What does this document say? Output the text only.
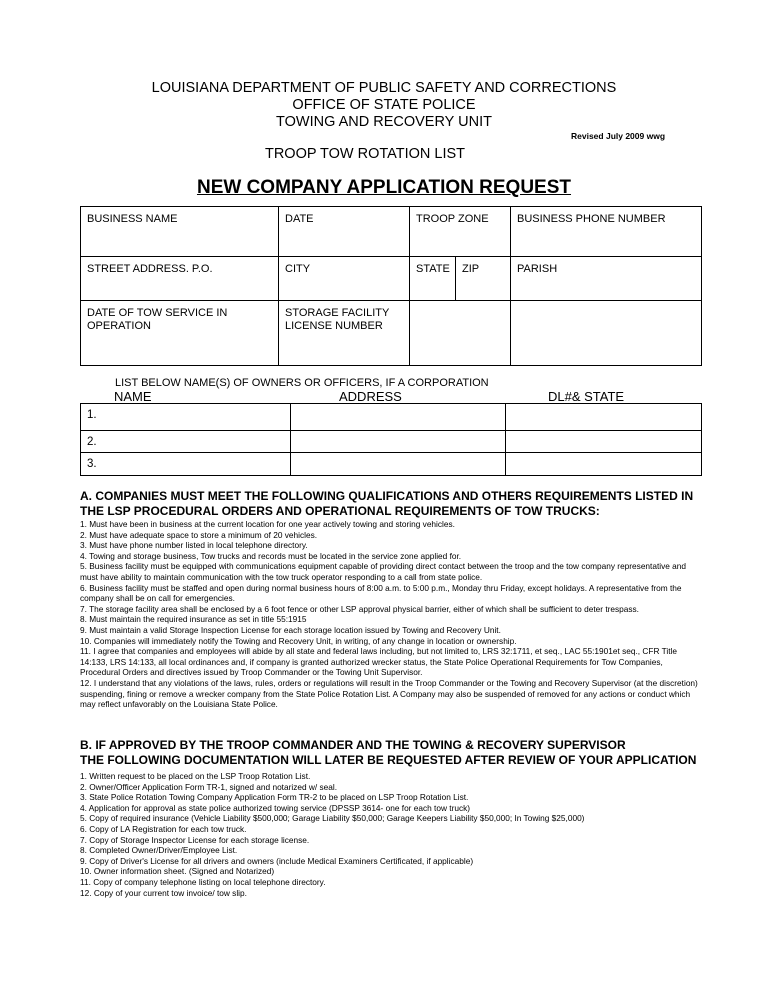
LOUISIANA DEPARTMENT OF PUBLIC SAFETY AND CORRECTIONS
OFFICE OF STATE POLICE
TOWING AND RECOVERY UNIT
Revised July 2009 wwg
TROOP TOW ROTATION LIST
NEW COMPANY APPLICATION REQUEST
BUSINESS NAME	DATE	TROOP ZONE		BUSINESS PHONE NUMBER

STREET ADDRESS. P.O.	CITY	STATE	ZIP	PARISH

DATE OF TOW SERVICE IN OPERATION	STORAGE FACILITY LICENSE NUMBER			

LIST BELOW NAME(S) OF OWNERS OR OFFICERS, IF A CORPORATION
NAME	ADDRESS	DL#& STATE
1.		

2.		

3.		

A. COMPANIES MUST MEET THE FOLLOWING QUALIFICATIONS AND OTHERS REQUIREMENTS LISTED IN THE LSP PROCEDURAL ORDERS AND OPERATIONAL REQUIREMENTS OF TOW TRUCKS:
1. Must have been in business at the current location for one year actively towing and storing vehicles.
2. Must have adequate space to store a minimum of 20 vehicles.
3. Must have phone number listed in local telephone directory.
4. Towing and storage business, Tow trucks and records must be located in the service zone applied for.
5. Business facility must be equipped with communications equipment capable of providing direct contact between the troop and the tow company representative and must have ability to maintain communication with the tow truck operator responding to a call from state police.
6. Business facility must be staffed and open during normal business hours of 8:00 a.m. to 5:00 p.m., Monday thru Friday, except holidays. A representative from the company shall be on call for emergencies.
7. The storage facility area shall be enclosed by a 6 foot fence or other LSP approval physical barrier, either of which shall be sufficient to deter trespass.
8. Must maintain the required insurance as set in title 55:1915
9. Must maintain a valid Storage Inspection License for each storage location issued by Towing and Recovery Unit.
10. Companies will immediately notify the Towing and Recovery Unit, in writing, of any change in location or ownership.
11. I agree that companies and employees will abide by all state and federal laws including, but not limited to, LRS 32:1711, et seq., LAC 55:1901et seq., CFR Title 14:133, LRS 14:133, all local ordinances and, if company is granted authorized wrecker status, the State Police Operational Requirements for Tow Companies, Procedural Orders and directives issued by Troop Commander or the Towing Unit Supervisor.
12. I understand that any violations of the laws, rules, orders or regulations will result in the Troop Commander or the Towing and Recovery Supervisor (at the discretion) suspending, fining or remove a wrecker company from the State Police Rotation List. A Company may also be suspended of removed for any actions or conduct which may reflect unfavorably on the Louisiana State Police.
B. IF APPROVED BY THE TROOP COMMANDER AND THE TOWING & RECOVERY SUPERVISOR
THE FOLLOWING DOCUMENTATION WILL LATER BE REQUESTED AFTER REVIEW OF YOUR APPLICATION
1. Written request to be placed on the LSP Troop Rotation List.
2. Owner/Officer Application Form TR-1, signed and notarized w/ seal.
3. State Police Rotation Towing Company Application Form TR-2 to be placed on LSP Troop Rotation List.
4. Application for approval as state police authorized towing service (DPSSP 3614- one for each tow truck)
5. Copy of required insurance (Vehicle Liability $500,000; Garage Liability $50,000; Garage Keepers Liability $50,000; In Towing $25,000)
6. Copy of LA Registration for each tow truck.
7. Copy of Storage Inspector License for each storage license.
8. Completed Owner/Driver/Employee List.
9. Copy of Driver's License for all drivers and owners (include Medical Examiners Certificated, if applicable)
10. Owner information sheet. (Signed and Notarized)
11. Copy of company telephone listing on local telephone directory.
12. Copy of your current tow invoice/ tow slip.
